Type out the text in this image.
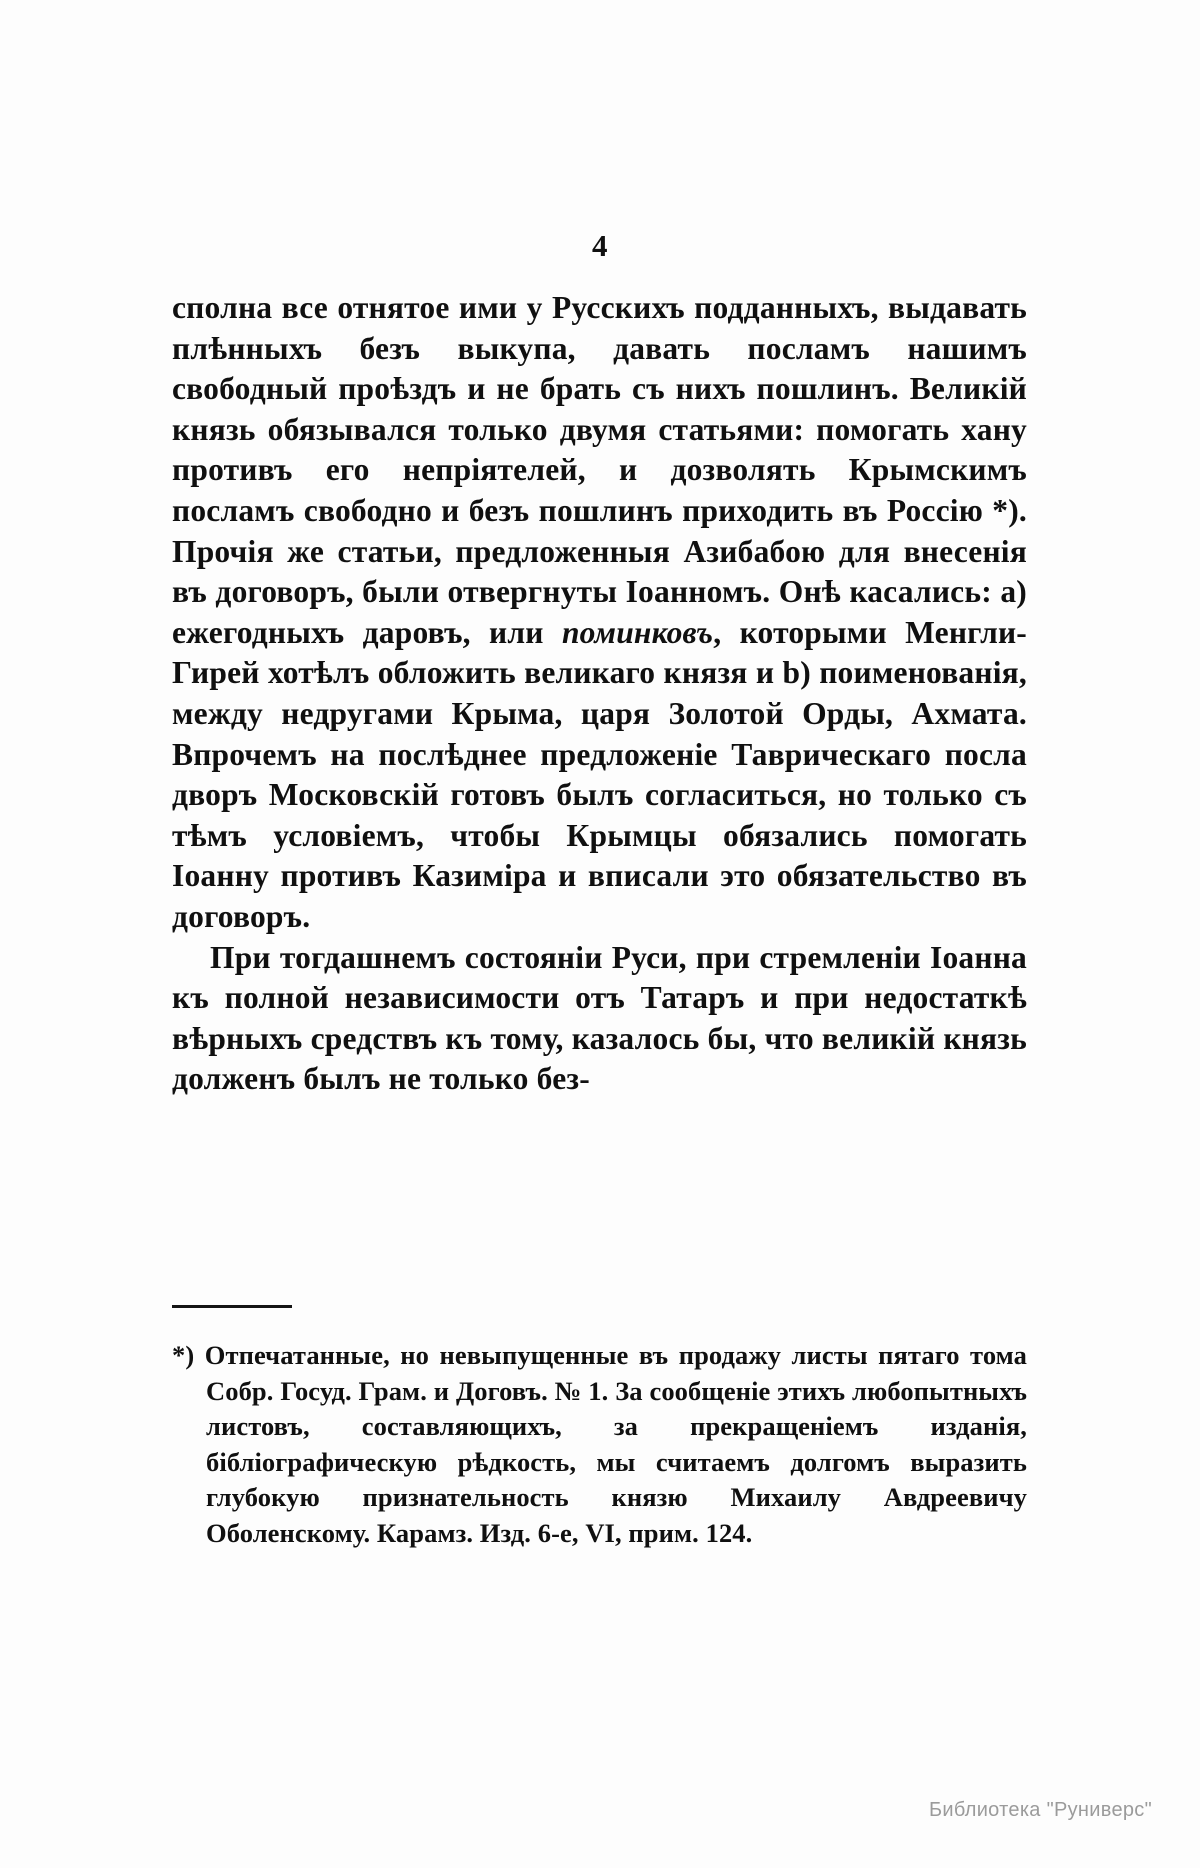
4

сполна все отнятое ими у Русскихъ подданныхъ, выдавать плѣнныхъ безъ выкупа, давать посламъ нашимъ свободный проѣздъ и не брать съ нихъ пошлинъ. Великiй князь обязывался только двумя статьями: помогать хану противъ его непрiятелей, и дозволять Крымскимъ посламъ свободно и безъ пошлинъ приходить въ Россiю *). Прочiя же статьи, предложенныя Азибабою для внесенiя въ договоръ, были отвергнуты Іоанномъ. Онѣ касались: а) ежегодныхъ даровъ, или поминковъ, которыми Менгли-Гирей хотѣлъ обложить великаго князя и b) поименованiя, между недругами Крыма, царя Золотой Орды, Ахмата. Впрочемъ на послѣднее предложенiе Таврическаго посла дворъ Московскiй готовъ былъ согласиться, но только съ тѣмъ условiемъ, чтобы Крымцы обязались помогать Іоанну противъ Казимiра и вписали это обязательство въ договоръ.

При тогдашнемъ состоянiи Руси, при стремленiи Іоанна къ полной независимости отъ Татаръ и при недостаткѣ вѣрныхъ средствъ къ тому, казалось бы, что великiй князь долженъ былъ не только без-

*) Отпечатанные, но невыпущенные въ продажу листы пятаго тома Собр. Госуд. Грам. и Договъ. № 1. За сообщенiе этихъ любопытныхъ листовъ, составляющихъ, за прекращенiемъ изданiя, бiблiографическую рѣдкость, мы считаемъ долгомъ выразить глубокую признательность князю Михаилу Авдреевичу Оболенскому. Карамз. Изд. 6-е, VI, прим. 124.

Библиотека "Руниверс"
